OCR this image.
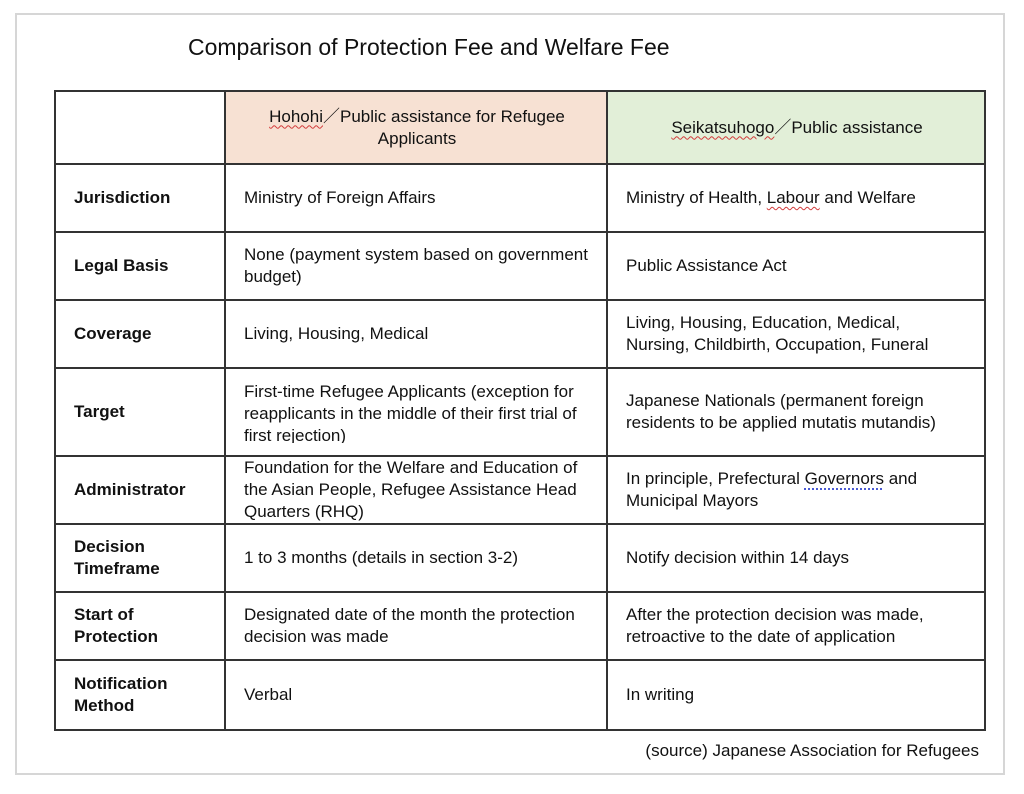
Comparison of Protection Fee and Welfare Fee
	Hohohi／Public assistance for Refugee Applicants	Seikatsuhogo／Public assistance
Jurisdiction	Ministry of Foreign Affairs	Ministry of Health, Labour and Welfare
Legal Basis	None (payment system based on government budget)	Public Assistance Act
Coverage	Living, Housing, Medical	Living, Housing, Education, Medical, Nursing, Childbirth, Occupation, Funeral

Target	First-time Refugee Applicants (exception for reapplicants in the middle of their first trial of first rejection)	Japanese Nationals (permanent foreign residents to be applied mutatis mutandis)
Administrator	Foundation for the Welfare and Education of the Asian People, Refugee Assistance Head Quarters (RHQ)	In principle, Prefectural Governors and Municipal Mayors
Decision Timeframe	1 to 3 months (details in section 3-2)	Notify decision within 14 days
Start of Protection	Designated date of the month the protection decision was made	After the protection decision was made, retroactive to the date of application
Notification Method	Verbal	In writing
(source) Japanese Association for Refugees
